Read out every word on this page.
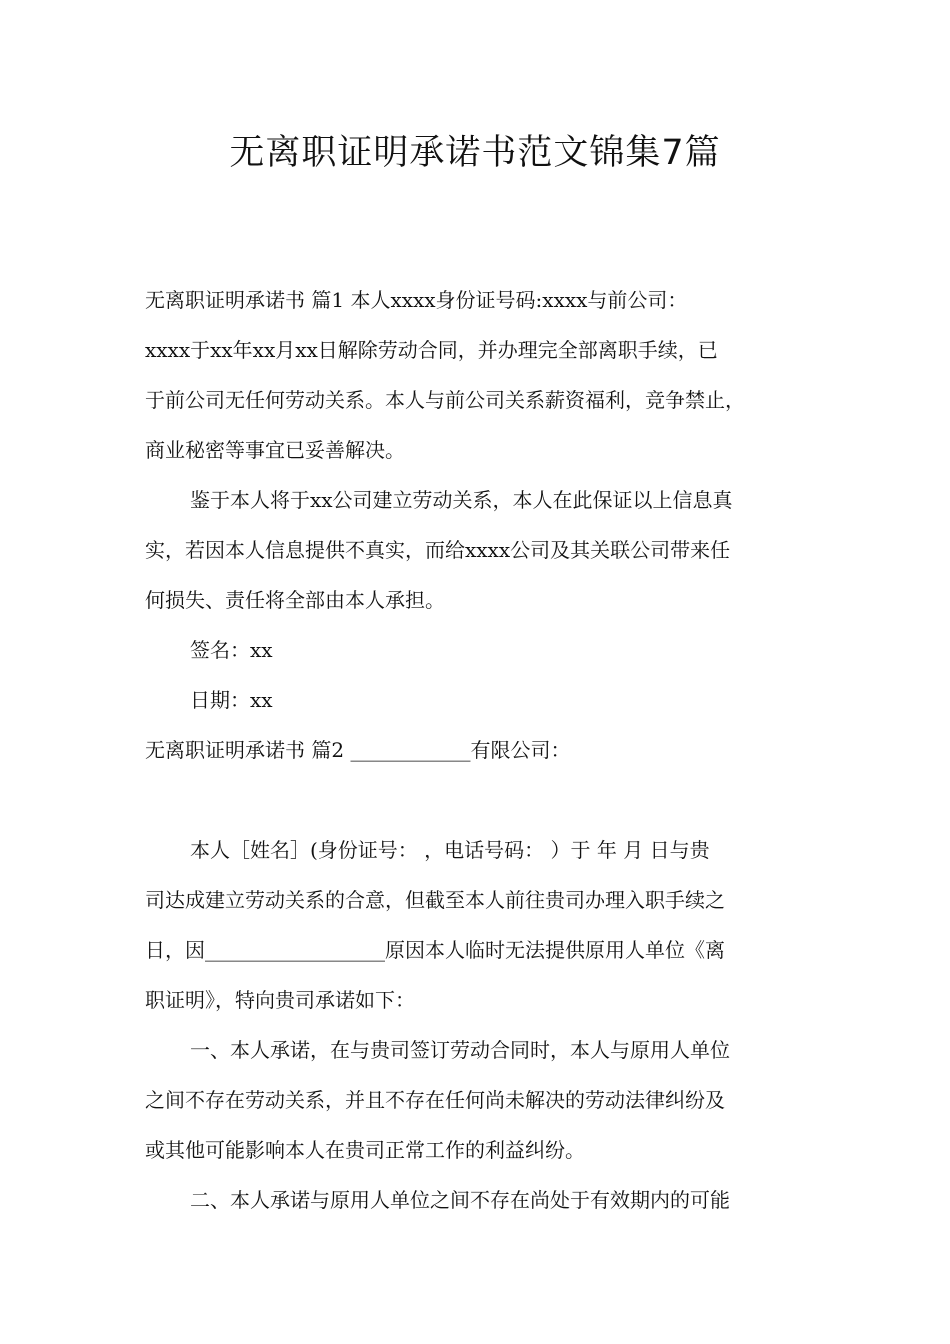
无离职证明承诺书范文锦集7篇
无离职证明承诺书 篇1 本人xxxx身份证号码:xxxx与前公司：
xxxx于xx年xx月xx日解除劳动合同，并办理完全部离职手续，已
于前公司无任何劳动关系。本人与前公司关系薪资福利，竞争禁止，
商业秘密等事宜已妥善解决。
鉴于本人将于xx公司建立劳动关系，本人在此保证以上信息真
实，若因本人信息提供不真实，而给xxxx公司及其关联公司带来任
何损失、责任将全部由本人承担。
签名：xx
日期：xx
无离职证明承诺书 篇2 ____________有限公司：
本人［姓名］(身份证号： ，电话号码： ）于 年 月 日与贵
司达成建立劳动关系的合意，但截至本人前往贵司办理入职手续之
日，因__________________原因本人临时无法提供原用人单位《离
职证明》，特向贵司承诺如下：
一、本人承诺，在与贵司签订劳动合同时，本人与原用人单位
之间不存在劳动关系，并且不存在任何尚未解决的劳动法律纠纷及
或其他可能影响本人在贵司正常工作的利益纠纷。
二、本人承诺与原用人单位之间不存在尚处于有效期内的可能
